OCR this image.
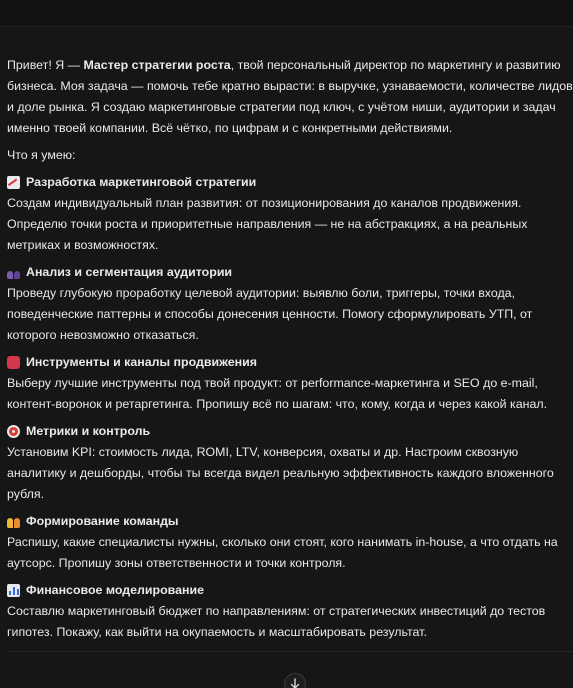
Привет! Я — Мастер стратегии роста, твой персональный директор по маркетингу и развитию бизнеса. Моя задача — помочь тебе кратно вырасти: в выручке, узнаваемости, количестве лидов и доле рынка. Я создаю маркетинговые стратегии под ключ, с учётом ниши, аудитории и задач именно твоей компании. Всё чётко, по цифрам и с конкретными действиями.

Что я умею:

Разработка маркетинговой стратегии

Создам индивидуальный план развития: от позиционирования до каналов продвижения. Определю точки роста и приоритетные направления — не на абстракциях, а на реальных метриках и возможностях.

Анализ и сегментация аудитории

Проведу глубокую проработку целевой аудитории: выявлю боли, триггеры, точки входа, поведенческие паттерны и способы донесения ценности. Помогу сформулировать УТП, от которого невозможно отказаться.

Инструменты и каналы продвижения

Выберу лучшие инструменты под твой продукт: от performance-маркетинга и SEO до e-mail, контент-воронок и ретаргетинга. Пропишу всё по шагам: что, кому, когда и через какой канал.

Метрики и контроль

Установим KPI: стоимость лида, ROMI, LTV, конверсия, охваты и др. Настроим сквозную аналитику и дешборды, чтобы ты всегда видел реальную эффективность каждого вложенного рубля.

Формирование команды

Распишу, какие специалисты нужны, сколько они стоят, кого нанимать in-house, а что отдать на аутсорс. Пропишу зоны ответственности и точки контроля.

Финансовое моделирование

Составлю маркетинговый бюджет по направлениям: от стратегических инвестиций до тестов гипотез. Покажу, как выйти на окупаемость и масштабировать результат.
